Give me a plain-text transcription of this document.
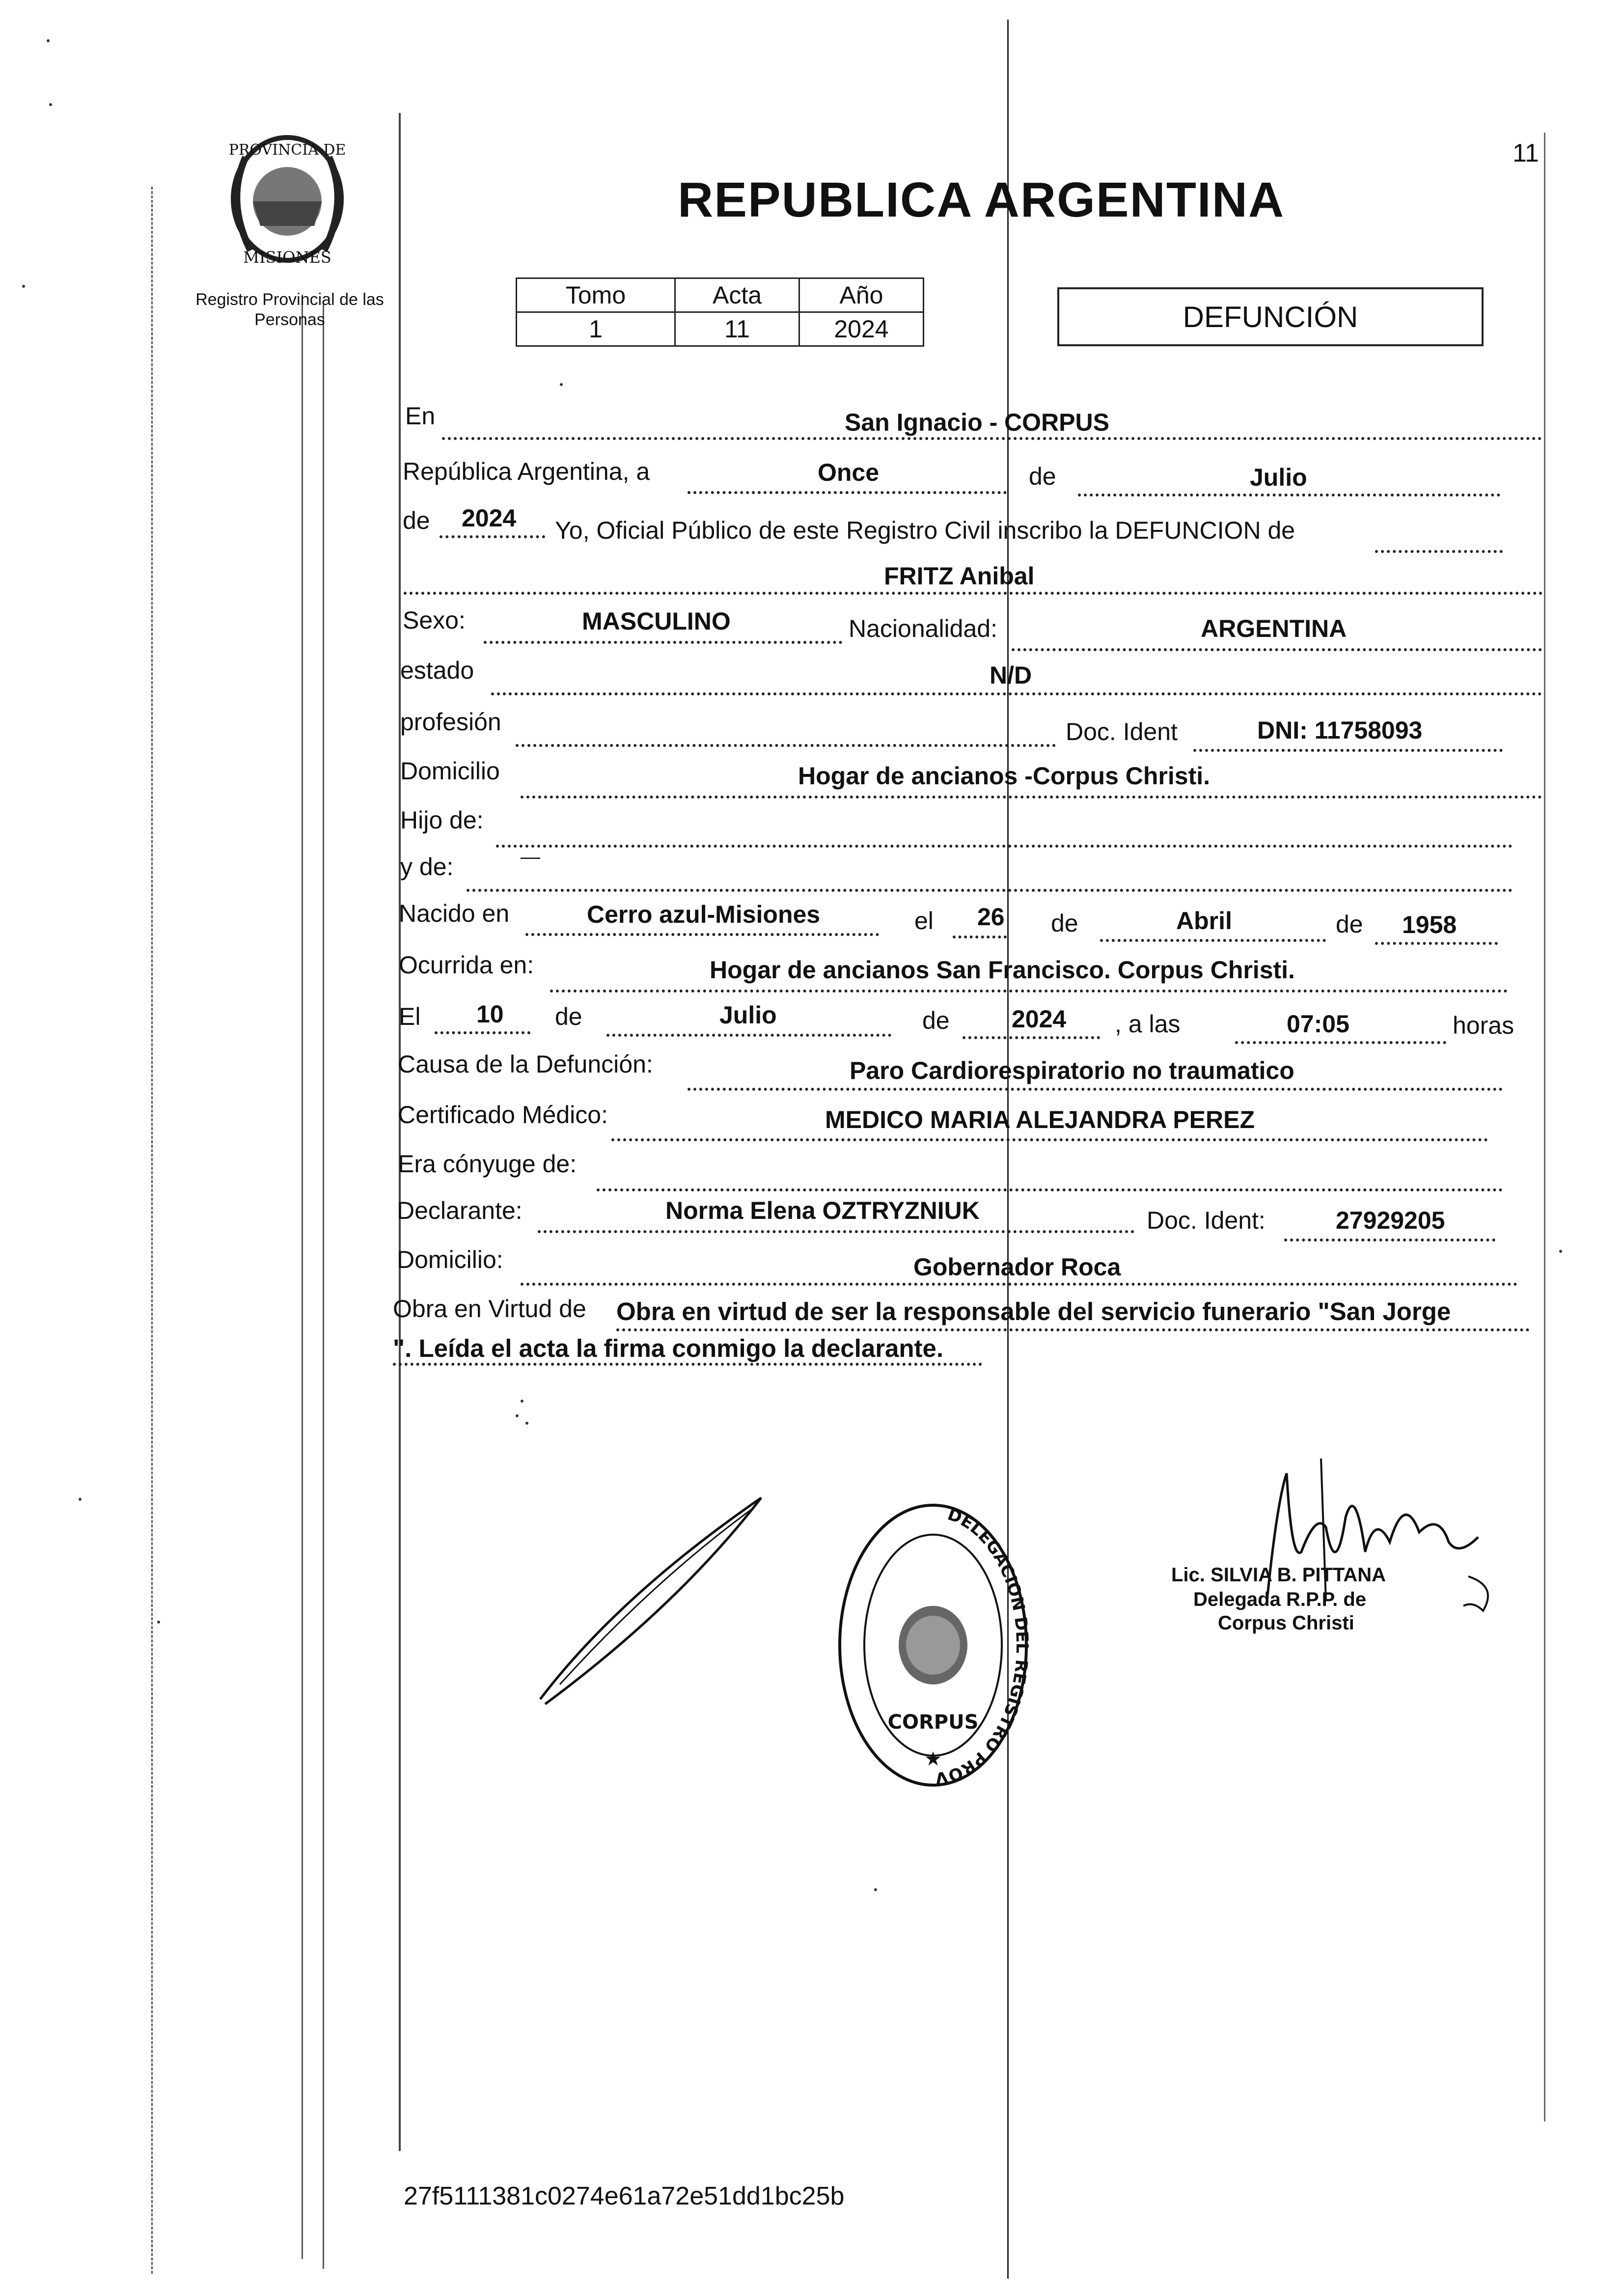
11
PROVINCIA DE
MISIONES
Registro Provincial de las Personas
REPUBLICA ARGENTINA
Tomo	Acta	Año
1	11	2024	DEFUNCIÓN
En	San Ignacio - CORPUS
República Argentina, a	Once	de	Julio
de 2024 Yo, Oficial Público de este Registro Civil inscribo la DEFUNCION de
FRITZ Anibal
Sexo:	MASCULINO	Nacionalidad:	ARGENTINA
estado	N/D
profesión	Doc. Ident	DNI: 11758093
Domicilio	Hogar de ancianos -Corpus Christi.
Hijo de:
y de:	—
Nacido en	Cerro azul-Misiones	el 26 de	Abril	de 1958
Ocurrida en:	Hogar de ancianos San Francisco. Corpus Christi.
El 10 de	Julio	de	2024 , a las	07:05	horas
Causa de la Defunción:	Paro Cardiorespiratorio no traumatico
Certificado Médico:	MEDICO MARIA ALEJANDRA PEREZ
Era cónyuge de:
Declarante:	Norma Elena OZTRYZNIUK	Doc. Ident:	27929205
Domicilio:	Gobernador Roca
Obra en Virtud de Obra en virtud de ser la responsable del servicio funerario "San Jorge
". Leída el acta la firma conmigo la declarante.
DELEGACION DEL REGISTRO PROV
CORPUS
★
Lic. SILVIA B. PITTANA
Delegada R.P.P. de
Corpus Christi
27f5111381c0274e61a72e51dd1bc25b
